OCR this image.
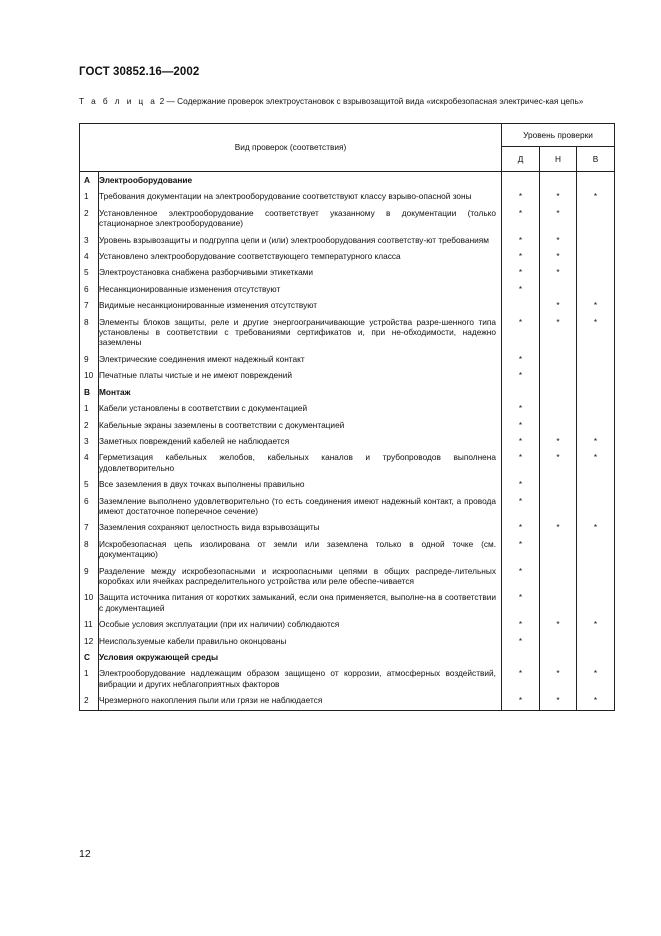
ГОСТ 30852.16—2002
Т а б л и ц а 2 — Содержание проверок электроустановок с взрывозащитой вида «искробезопасная электричес-кая цепь»
Вид проверок (соответствия)		Уровень проверки		
		Д	Н	В
А	Электрооборудование			
1	Требования документации на электрооборудование соответствуют классу взрыво-опасной зоны	*	*	*
2	Установленное электрооборудование соответствует указанному в документации (только стационарное электрооборудование)	*	*	
3	Уровень взрывозащиты и подгруппа цепи и (или) электрооборудования соответству-ют требованиям	*	*	
4	Установлено электрооборудование соответствующего температурного класса	*	*	
5	Электроустановка снабжена разборчивыми этикетками	*	*	
6	Несанкционированные изменения отсутствуют	*		
7	Видимые несанкционированные изменения отсутствуют		*	*
8	Элементы блоков защиты, реле и другие энергоограничивающие устройства разре-шенного типа установлены в соответствии с требованиями сертификатов и, при не-обходимости, надежно заземлены	*	*	*
9	Электрические соединения имеют надежный контакт	*		
10	Печатные платы чистые и не имеют повреждений	*		
В	Монтаж			
1	Кабели установлены в соответствии с документацией	*		
2	Кабельные экраны заземлены в соответствии с документацией	*		
3	Заметных повреждений кабелей не наблюдается	*	*	*
4	Герметизация кабельных желобов, кабельных каналов и трубопроводов выполнена удовлетворительно	*	*	*
5	Все заземления в двух точках выполнены правильно	*		
6	Заземление выполнено удовлетворительно (то есть соединения имеют надежный контакт, а провода имеют достаточное поперечное сечение)	*		
7	Заземления сохраняют целостность вида взрывозащиты	*	*	*
8	Искробезопасная цепь изолирована от земли или заземлена только в одной точке (см. документацию)	*		
9	Разделение между искробезопасными и искроопасными цепями в общих распреде-лительных коробках или ячейках распределительного устройства или реле обеспе-чивается	*		
10	Защита источника питания от коротких замыканий, если она применяется, выполне-на в соответствии с документацией	*		
11	Особые условия эксплуатации (при их наличии) соблюдаются	*	*	*
12	Неиспользуемые кабели правильно оконцованы	*		
С	Условия окружающей среды			
1	Электрооборудование надлежащим образом защищено от коррозии, атмосферных воздействий, вибрации и других неблагоприятных факторов	*	*	*
2	Чрезмерного накопления пыли или грязи не наблюдается	*	*	*
12
